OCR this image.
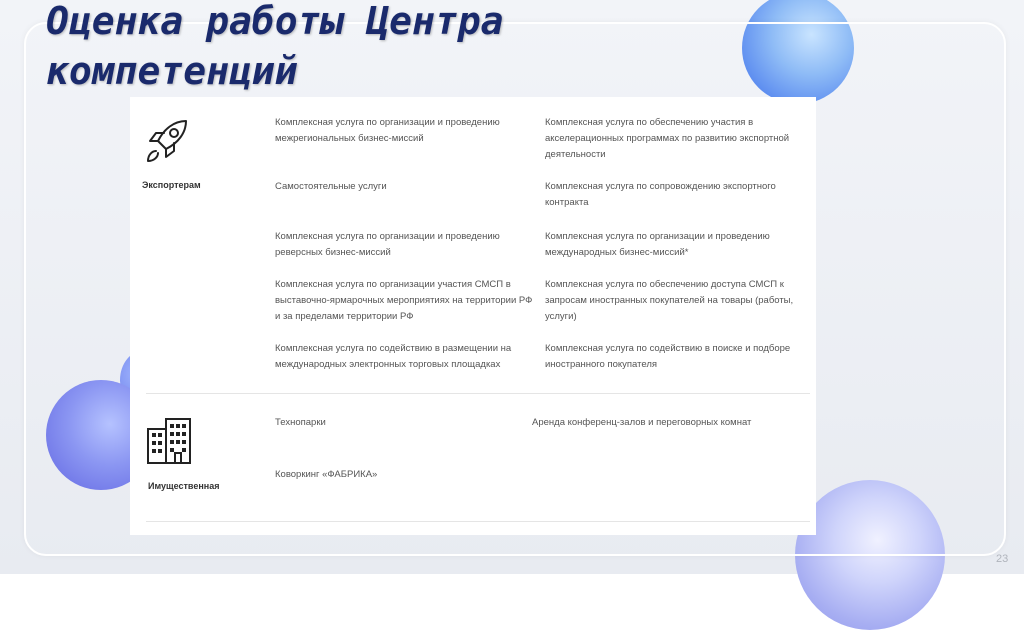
Оценка работы Центра компетенций
Экспортерам
Комплексная услуга по организации и проведению межрегиональных бизнес-миссий
Комплексная услуга по обеспечению участия в акселерационных программах по развитию экспортной деятельности
Самостоятельные услуги	Комплексная услуга по сопровождению экспортного контракта
Комплексная услуга по организации и проведению реверсных бизнес-миссий
Комплексная услуга по организации и проведению международных бизнес-миссий*
Комплексная услуга по организации участия СМСП в выставочно-ярмарочных мероприятиях на территории РФ и за пределами территории РФ
Комплексная услуга по обеспечению доступа СМСП к запросам иностранных покупателей на товары (работы, услуги)
Комплексная услуга по содействию в размещении на международных электронных торговых площадках
Комплексная услуга по содействию в поиске и подборе иностранного покупателя
Имущественная
Технопарки	Аренда конференц-залов и переговорных комнат
Коворкинг «ФАБРИКА»
23
